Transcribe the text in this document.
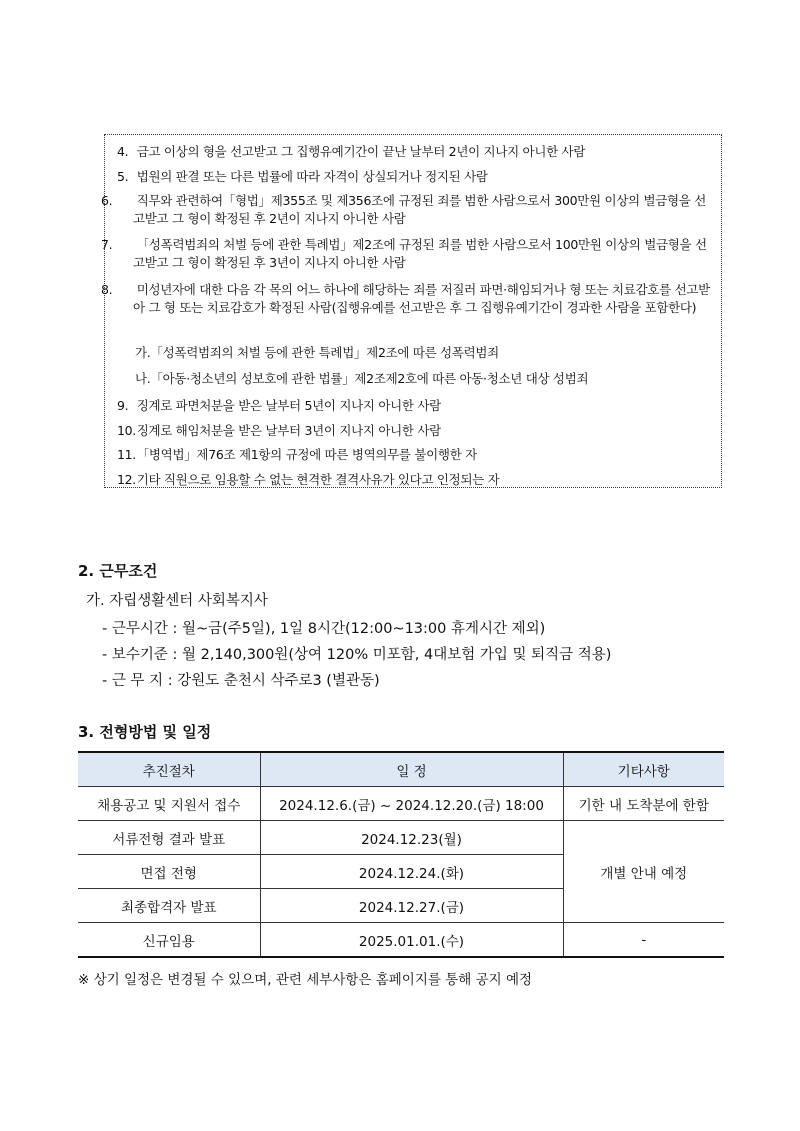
4. 금고 이상의 형을 선고받고 그 집행유예기간이 끝난 날부터 2년이 지나지 아니한 사람
5. 법원의 판결 또는 다른 법률에 따라 자격이 상실되거나 정지된 사람
6. 직무와 관련하여「형법」제355조 및 제356조에 규정된 죄를 범한 사람으로서 300만원 이상의 벌금형을 선고받고 그 형이 확정된 후 2년이 지나지 아니한 사람
7. 「성폭력범죄의 처벌 등에 관한 특례법」제2조에 규정된 죄를 범한 사람으로서 100만원 이상의 벌금형을 선고받고 그 형이 확정된 후 3년이 지나지 아니한 사람
8. 미성년자에 대한 다음 각 목의 어느 하나에 해당하는 죄를 저질러 파면·해임되거나 형 또는 치료감호를 선고받아 그 형 또는 치료감호가 확정된 사람(집행유예를 선고받은 후 그 집행유예기간이 경과한 사람을 포함한다)
가.「성폭력범죄의 처벌 등에 관한 특례법」제2조에 따른 성폭력범죄
나.「아동·청소년의 성보호에 관한 법률」제2조제2호에 따른 아동·청소년 대상 성범죄
9. 징계로 파면처분을 받은 날부터 5년이 지나지 아니한 사람
10. 징계로 해임처분을 받은 날부터 3년이 지나지 아니한 사람
11. 「병역법」제76조 제1항의 규정에 따른 병역의무를 불이행한 자
12. 기타 직원으로 임용할 수 없는 현격한 결격사유가 있다고 인정되는 자
2. 근무조건
가. 자립생활센터 사회복지사
- 근무시간 : 월~금(주5일), 1일 8시간(12:00~13:00 휴게시간 제외)
- 보수기준 : 월 2,140,300원(상여 120% 미포함, 4대보험 가입 및 퇴직금 적용)
- 근 무 지 : 강원도 춘천시 삭주로3 (별관동)
3. 전형방법 및 일정
추진절차	일 정	기타사항
채용공고 및 지원서 접수	2024.12.6.(금) ~ 2024.12.20.(금) 18:00	기한 내 도착분에 한함
서류전형 결과 발표	2024.12.23(월)	개별 안내 예정
면접 전형	2024.12.24.(화)	
최종합격자 발표	2024.12.27.(금)	
신규임용	2025.01.01.(수)	-
※ 상기 일정은 변경될 수 있으며, 관련 세부사항은 홈페이지를 통해 공지 예정
